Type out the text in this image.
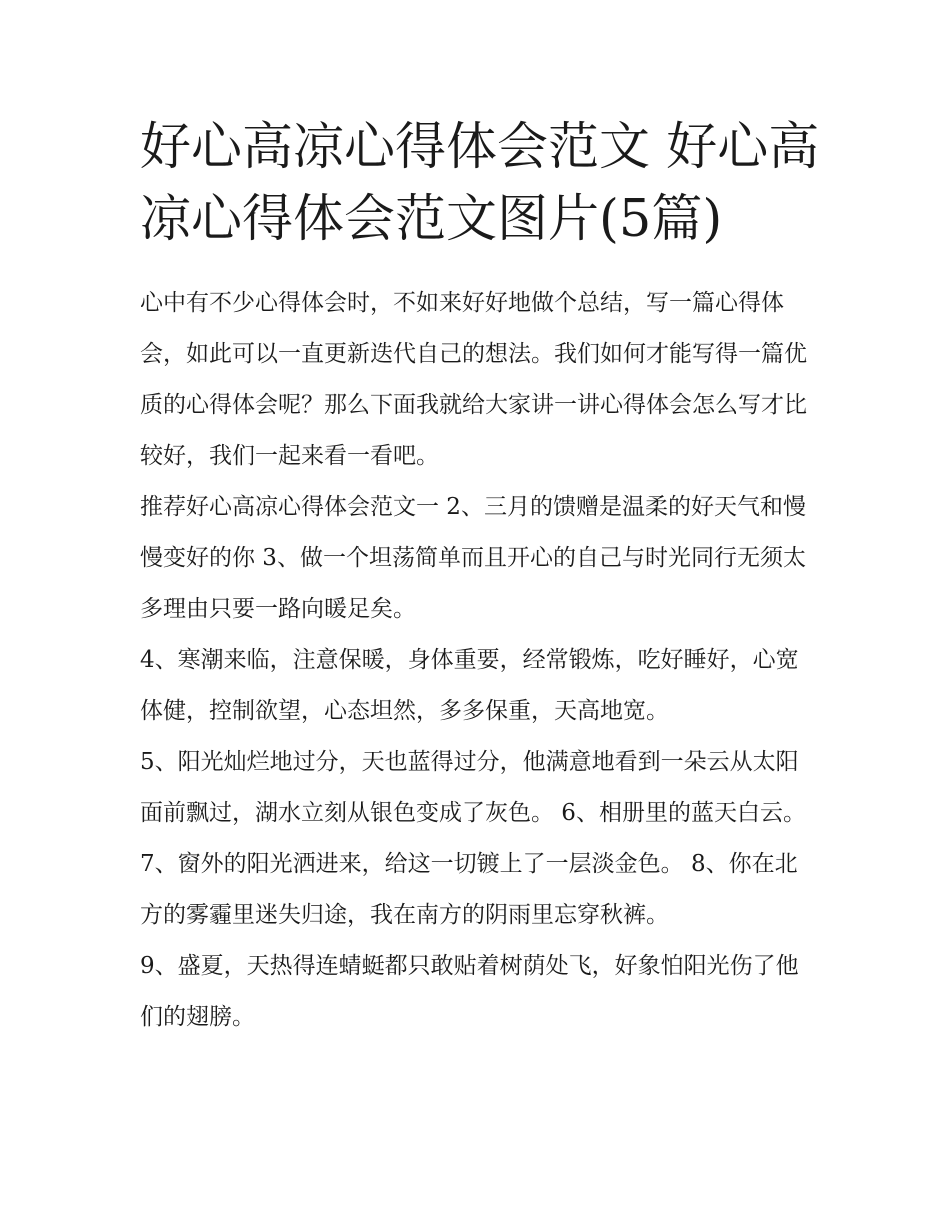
好心高凉心得体会范文 好心高凉心得体会范文图片(5篇)

心中有不少心得体会时，不如来好好地做个总结，写一篇心得体会，如此可以一直更新迭代自己的想法。我们如何才能写得一篇优质的心得体会呢？那么下面我就给大家讲一讲心得体会怎么写才比较好，我们一起来看一看吧。

推荐好心高凉心得体会范文一 2、三月的馈赠是温柔的好天气和慢慢变好的你 3、做一个坦荡简单而且开心的自己与时光同行无须太多理由只要一路向暖足矣。

4、寒潮来临，注意保暖，身体重要，经常锻炼，吃好睡好，心宽体健，控制欲望，心态坦然，多多保重，天高地宽。

5、阳光灿烂地过分，天也蓝得过分，他满意地看到一朵云从太阳面前飘过，湖水立刻从银色变成了灰色。 6、相册里的蓝天白云。

7、窗外的阳光洒进来，给这一切镀上了一层淡金色。 8、你在北方的雾霾里迷失归途，我在南方的阴雨里忘穿秋裤。

9、盛夏，天热得连蜻蜓都只敢贴着树荫处飞，好象怕阳光伤了他们的翅膀。
